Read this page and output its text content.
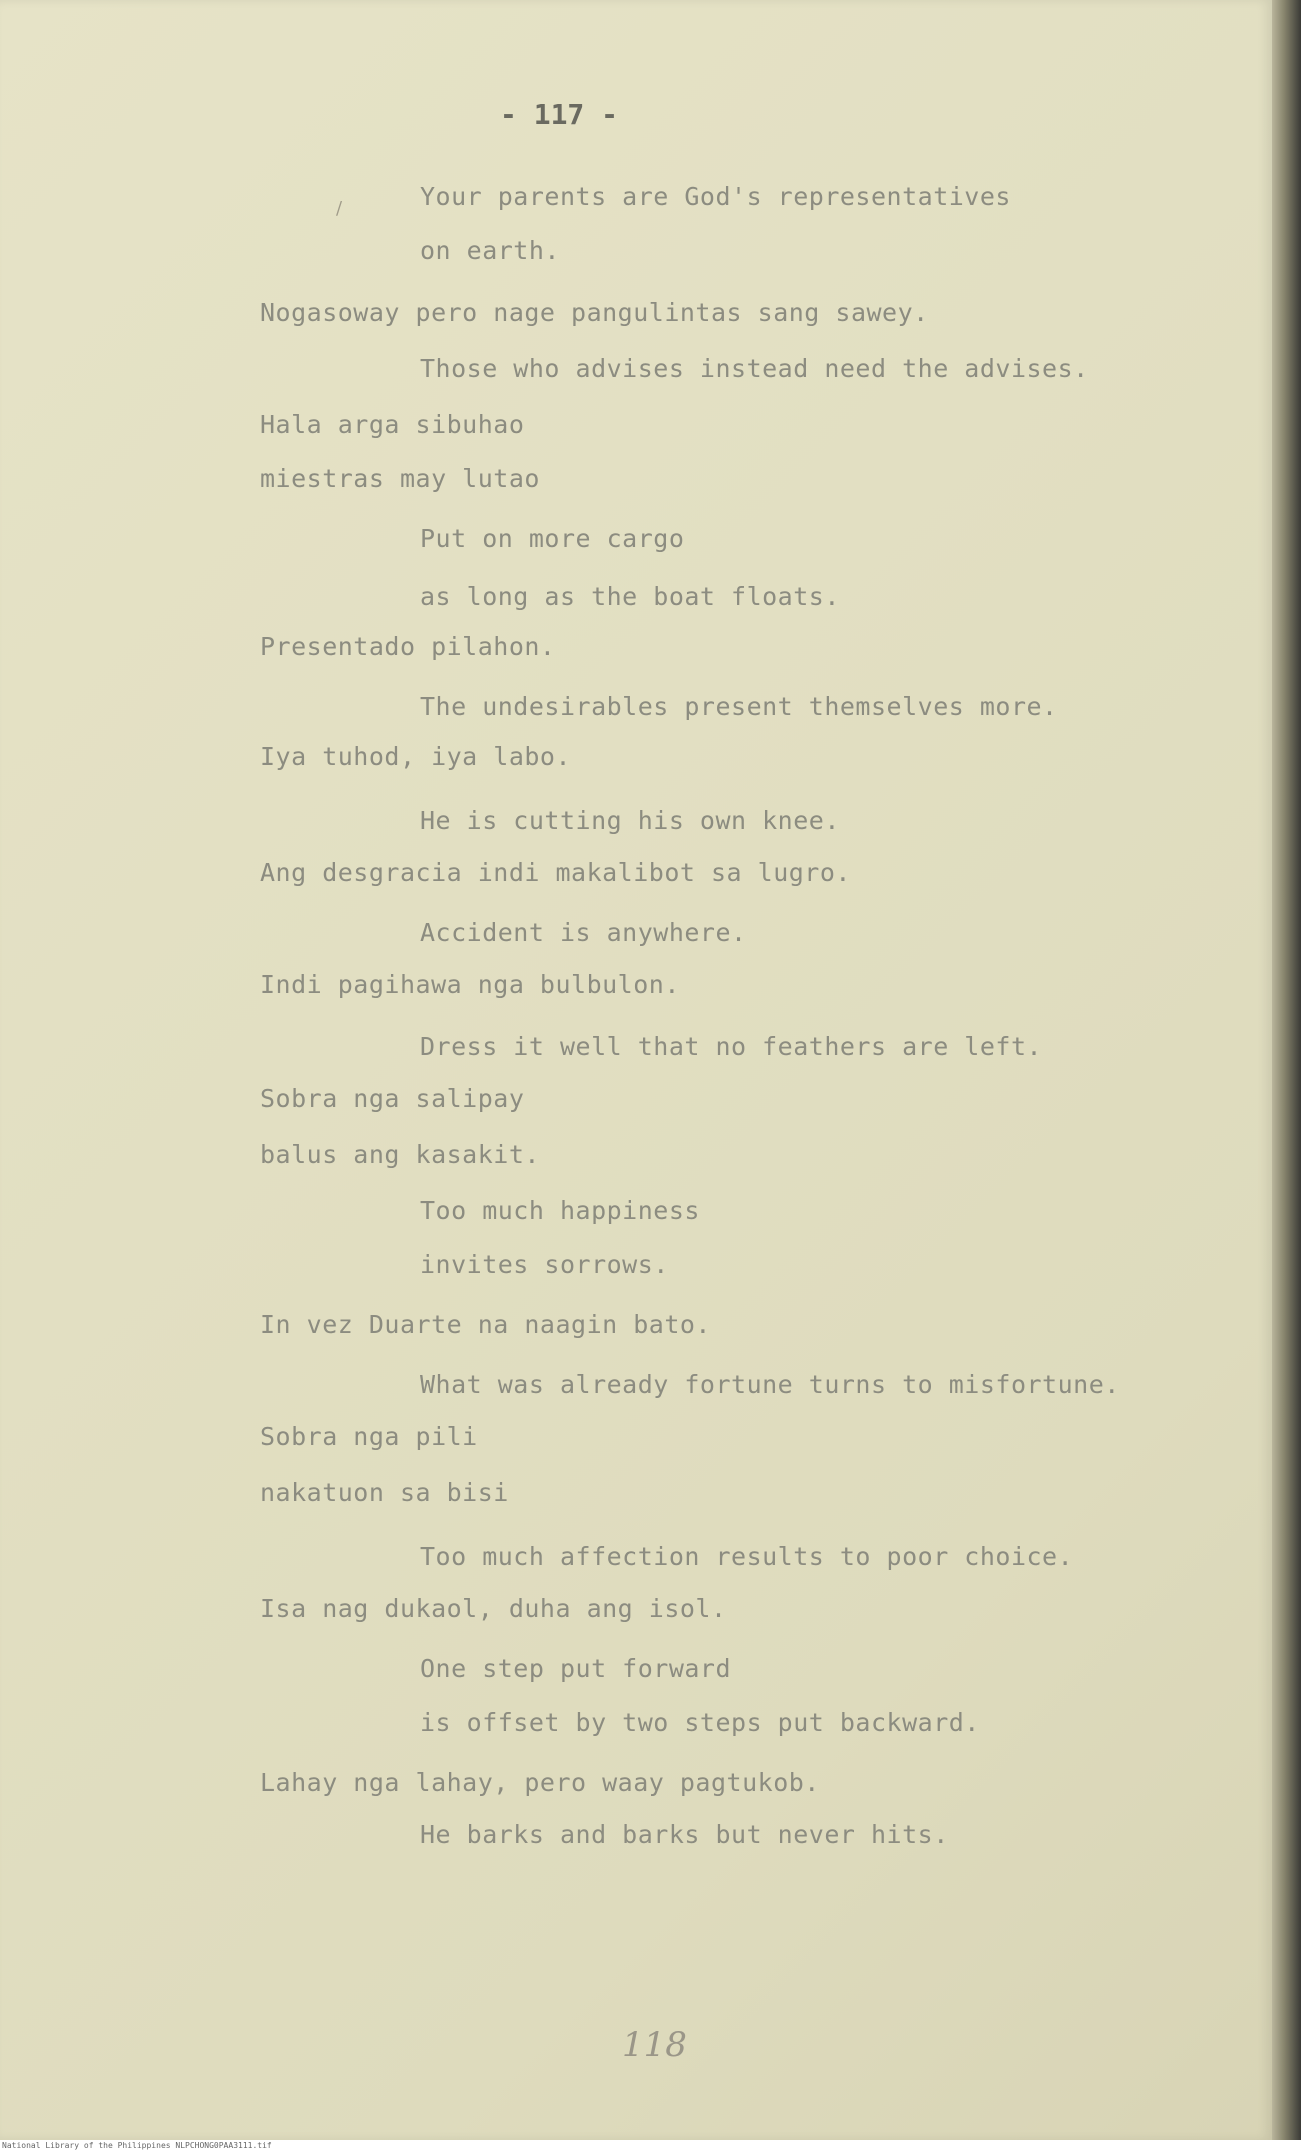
- 117 -
/	Your parents are God's representatives
on earth.
Nogasoway pero nage pangulintas sang sawey.
Those who advises instead need the advises.
Hala arga sibuhao
miestras may lutao
Put on more cargo
as long as the boat floats.
Presentado pilahon.
The undesirables present themselves more.
Iya tuhod, iya labo.
He is cutting his own knee.
Ang desgracia indi makalibot sa lugro.
Accident is anywhere.
Indi pagihawa nga bulbulon.
Dress it well that no feathers are left.
Sobra nga salipay
balus ang kasakit.
Too much happiness
invites sorrows.
In vez Duarte na naagin bato.
What was already fortune turns to misfortune.
Sobra nga pili
nakatuon sa bisi
Too much affection results to poor choice.
Isa nag dukaol, duha ang isol.
One step put forward
is offset by two steps put backward.
Lahay nga lahay, pero waay pagtukob.
He barks and barks but never hits.
118
National Library of the Philippines NLPCHONG0PAA3111.tif
